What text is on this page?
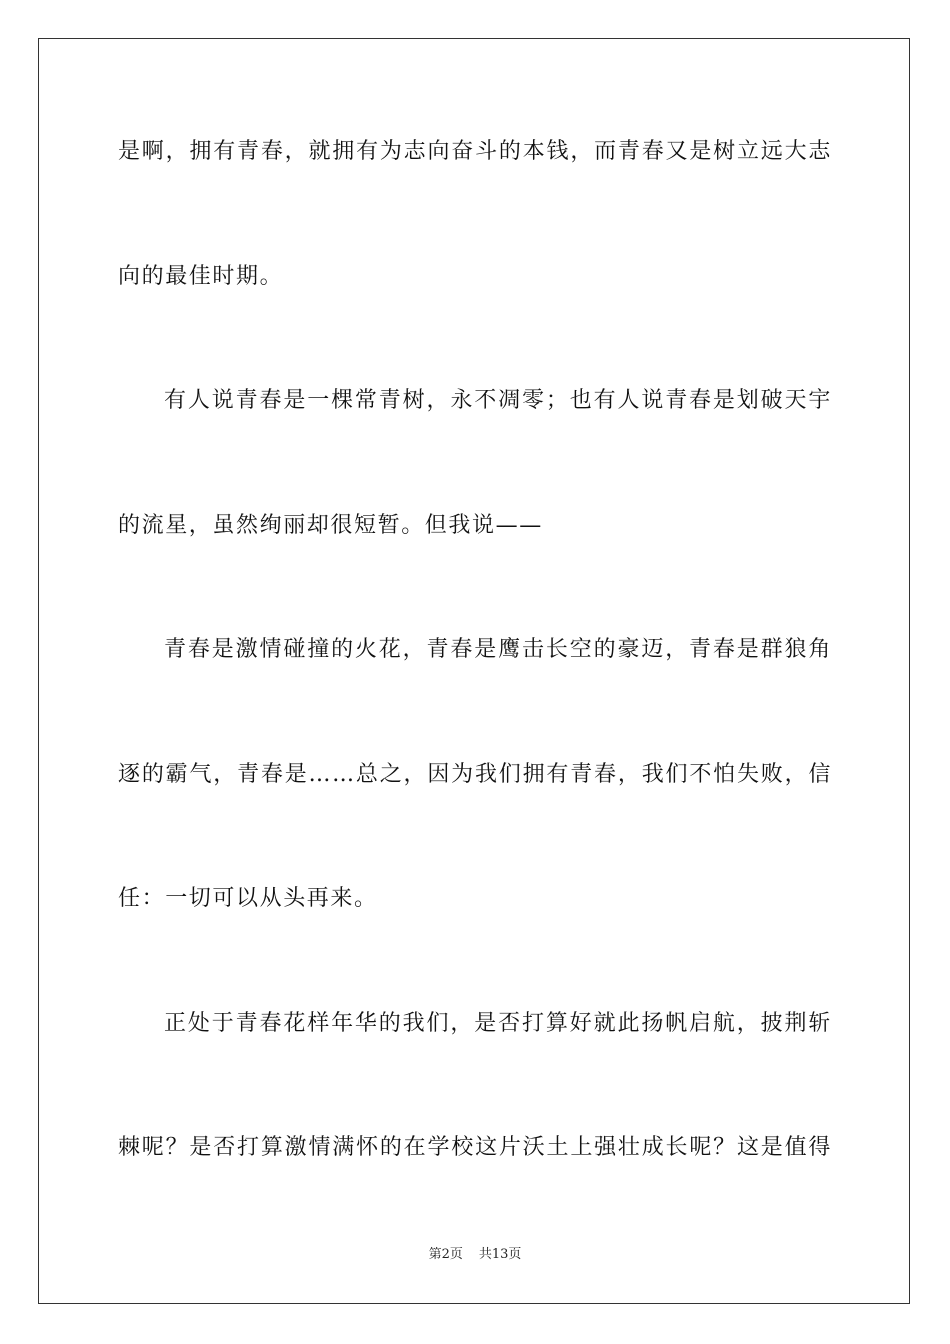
是啊，拥有青春，就拥有为志向奋斗的本钱，而青春又是树立远大志
向的最佳时期。
有人说青春是一棵常青树，永不凋零；也有人说青春是划破天宇
的流星，虽然绚丽却很短暂。但我说——
青春是激情碰撞的火花，青春是鹰击长空的豪迈，青春是群狼角
逐的霸气，青春是……总之，因为我们拥有青春，我们不怕失败，信
任：一切可以从头再来。
正处于青春花样年华的我们，是否打算好就此扬帆启航，披荆斩
棘呢？是否打算激情满怀的在学校这片沃土上强壮成长呢？这是值得
第2页 共13页
